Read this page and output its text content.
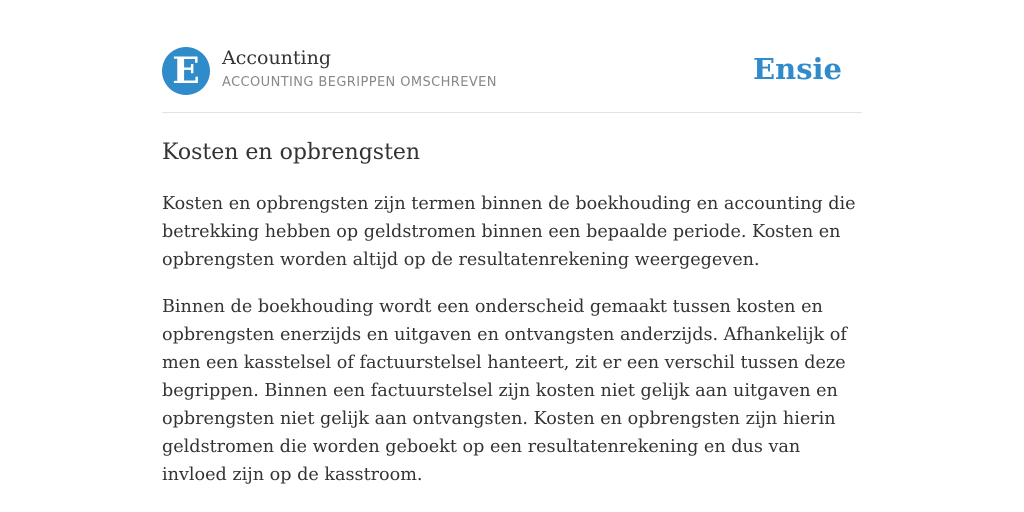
E	Accounting
ACCOUNTING BEGRIPPEN OMSCHREVEN	Ensie
Kosten en opbrengsten

Kosten en opbrengsten zijn termen binnen de boekhouding en accounting die betrekking hebben op geldstromen binnen een bepaalde periode. Kosten en opbrengsten worden altijd op de resultatenrekening weergegeven.

Binnen de boekhouding wordt een onderscheid gemaakt tussen kosten en opbrengsten enerzijds en uitgaven en ontvangsten anderzijds. Afhankelijk of men een kasstelsel of factuurstelsel hanteert, zit er een verschil tussen deze begrippen. Binnen een factuurstelsel zijn kosten niet gelijk aan uitgaven en opbrengsten niet gelijk aan ontvangsten. Kosten en opbrengsten zijn hierin geldstromen die worden geboekt op een resultatenrekening en dus van invloed zijn op de kasstroom.
